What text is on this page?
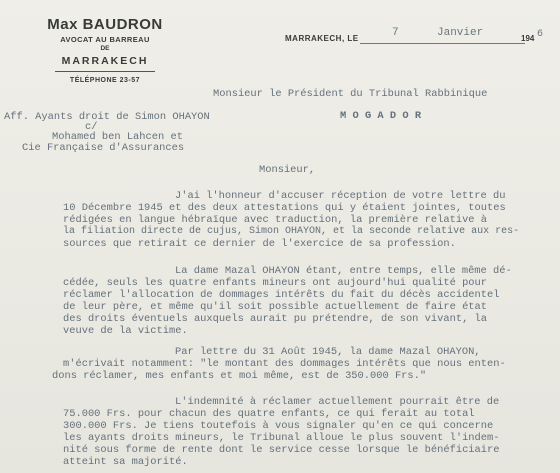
Max BAUDRON
AVOCAT AU BARREAU
DE
MARRAKECH
TÉLÉPHONE 23-57
MARRAKECH, LE	7	Janvier	194 6
Monsieur le Président du Tribunal Rabbinique
M O G A D O R
Aff. Ayants droit de Simon OHAYON
c/
Mohamed ben Lahcen et
Cie Française d'Assurances
Monsieur,
J'ai l'honneur d'accuser réception de votre lettre du
10 Décembre 1945 et des deux attestations qui y étaient jointes, toutes
rédigées en langue hébraïque avec traduction, la première relative à
la filiation directe de cujus, Simon OHAYON, et la seconde relative aux res-
sources que retirait ce dernier de l'exercice de sa profession.
La dame Mazal OHAYON étant, entre temps, elle même dé-
cédée, seuls les quatre enfants mineurs ont aujourd'hui qualité pour
réclamer l'allocation de dommages intérêts du fait du décès accidentel
de leur père, et même qu'il soit possible actuellement de faire état
des droits éventuels auxquels aurait pu prétendre, de son vivant, la
veuve de la victime.
Par lettre du 31 Août 1945, la dame Mazal OHAYON,
m'écrivait notamment: "le montant des dommages intérêts que nous enten-
dons réclamer, mes enfants et moi même, est de 350.000 Frs."
L'indemnité à réclamer actuellement pourrait être de
75.000 Frs. pour chacun des quatre enfants, ce qui ferait au total
300.000 Frs. Je tiens toutefois à vous signaler qu'en ce qui concerne
les ayants droits mineurs, le Tribunal alloue le plus souvent l'indem-
nité sous forme de rente dont le service cesse lorsque le bénéficiaire
atteint sa majorité.
